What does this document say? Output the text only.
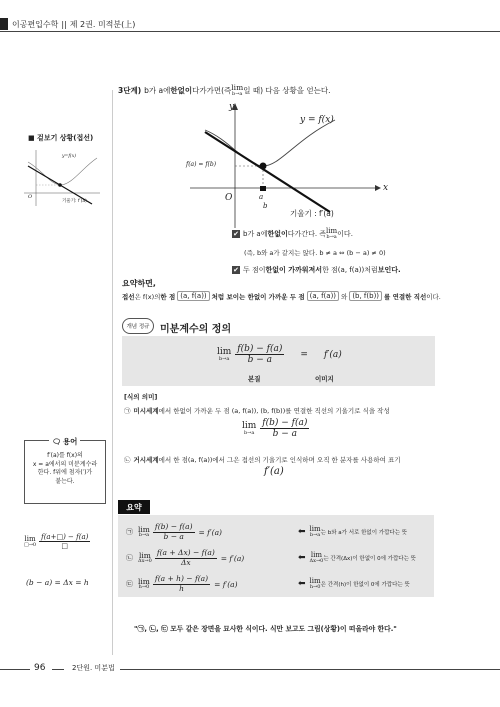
이공편입수학 || 제 2권. 미적분(上)
3단계) b가 a에 한없이 다가가면(즉 lim
b→a 일 때) 다음 상황을 얻는다.
y
x
O
y = f(x)
f(a) = f(b)
a
b
기울기 : f′(a)
■ 겉보기 상황(접선)
y=f(x)
기울기: f′(a)
O
✔ b가 a에 한없이 다가간다. 즉 lim
b→a 이다.
(즉, b와 a가 같지는 않다. b ≠ a ⇔ (b − a) ≠ 0)
✔ 두 점이 한없이 가까워져서 한 점(a, f(a))처럼 보인다.
요약하면,
접선 은 f(x)의 한 점 (a, f(a)) 처럼 보이는 한없이 가까운 두 점 (a, f(a)) 와 (b, f(b)) 를 연결한 직선 이다.
개념 정규 미분계수의 정의
lim
$b\to a \frac{f(b) - f(a)}{b - a} = f'(a)$
본질	이미지
[식의 의미]
㉠ 미시세계 에서 한없이 가까운 두 점 (a, f(a)), (b, f(b))를 연결한 직선의 기울기로 식을 작성
lim
$b\to a \frac{f(b) - f(a)}{b - a}$
㉡ 거시세계 에서 한 점(a, f(a))에서 그은 접선의 기울기로 인식하며 오직 한 분자를 사용하여 표기
f′(a)
🗨 용어
f′(a)를 f(x)의
x = a에서의 미분계수라
한다. f위에 첨자(′)가
붙는다.
lim
□→0 $\frac{f(a+□) - f(a)}{□}$
(b − a) = Δx = h
요약
㉠ lim
$b\to a \frac{f(b) - f(a)}{b - a} = f'(a)$	⬅ lim
b→a 는 b와 a가 서로 한없이 가깝다는 뜻
㉡ lim
$\Delta x\to 0 \frac{f(a + \Delta x) - f(a)}{\Delta x} = f'(a)$	⬅ lim
Δx→0 는 간격(Δx)이 한없이 0에 가깝다는 뜻
㉢ lim
$h\to 0 \frac{f(a + h) - f(a)}{h} = f'(a)$	⬅ lim
h→0 은 간격(h)이 한없이 0에 가깝다는 뜻
"㉠, ㉡, ㉢ 모두 같은 장면을 묘사한 식이다. 식만 보고도 그림(상황)이 떠올라야 한다."
96	2단원. 미분법
